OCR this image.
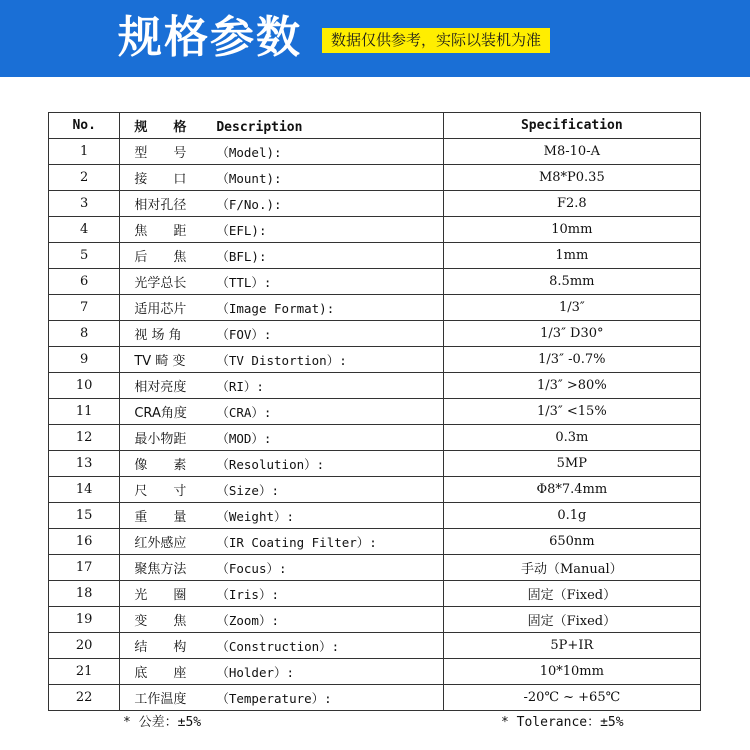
规格参数	数据仅供参考，实际以装机为准
No.	规　　格 Description	Specification
1	型　　号 （Model):	M8-10-A
2	接　　口 （Mount):	M8*P0.35
3	相对孔径 （F/No.):	F2.8
4	焦　　距 （EFL):	10mm
5	后　　焦 （BFL):	1mm
6	光学总长 （TTL）:	8.5mm
7	适用芯片 （Image Format):	1/3″
8	视 场 角 （FOV）:	1/3″ D30°
9	TV 畸 变 （TV Distortion）:	1/3″ -0.7%
10	相对亮度 （RI）:	1/3″ >80%
11	CRA角度 （CRA）:	1/3″ <15%
12	最小物距 （MOD）:	0.3m
13	像　　素 （Resolution）:	5MP
14	尺　　寸 （Size）:	Φ8*7.4mm
15	重　　量 （Weight）:	0.1g
16	红外感应 （IR Coating Filter）:	650nm
17	聚焦方法 （Focus）:	手动（Manual）
18	光　　圈 （Iris）:	固定（Fixed）
19	变　　焦 （Zoom）:	固定（Fixed）
20	结　　构 （Construction）:	5P+IR
21	底　　座 （Holder）:	10*10mm
22	工作温度 （Temperature）:	-20℃ ~ +65℃
* 公差：±5%	* Tolerance：±5%
